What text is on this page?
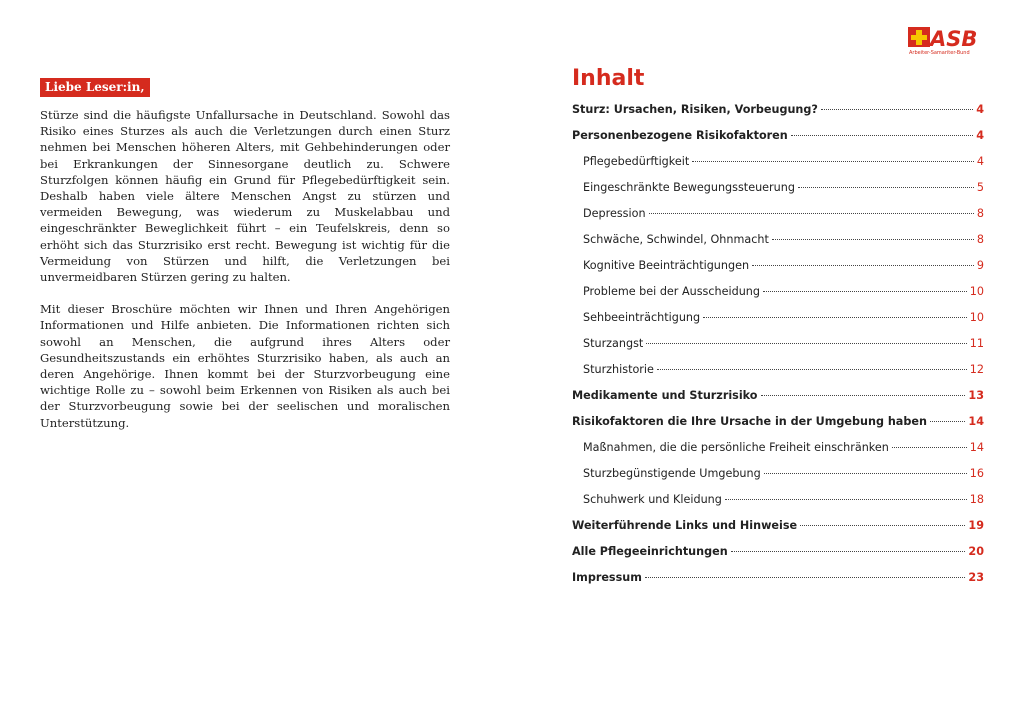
Liebe Leser:in,

Stürze sind die häufigste Unfallursache in Deutschland. Sowohl das Risiko eines Sturzes als auch die Verletzungen durch einen Sturz nehmen bei Menschen höheren Alters, mit Gehbehinderungen oder bei Erkrankungen der Sinnesorgane deutlich zu. Schwere Sturzfolgen können häufig ein Grund für Pflegebedürftigkeit sein. Deshalb haben viele ältere Menschen Angst zu stürzen und vermeiden Bewegung, was wiederum zu Muskelabbau und eingeschränkter Beweglichkeit führt – ein Teufelskreis, denn so erhöht sich das Sturzrisiko erst recht. Bewegung ist wichtig für die Vermeidung von Stürzen und hilft, die Verletzungen bei unvermeidbaren Stürzen gering zu halten.

Mit dieser Broschüre möchten wir Ihnen und Ihren Angehörigen Informationen und Hilfe anbieten. Die Informationen richten sich sowohl an Menschen, die aufgrund ihres Alters oder Gesundheitszustands ein erhöhtes Sturzrisiko haben, als auch an deren Angehörige. Ihnen kommt bei der Sturzvorbeugung eine wichtige Rolle zu – sowohl beim Erkennen von Risiken als auch bei der Sturzvorbeugung sowie bei der seelischen und moralischen Unterstützung.

ASB
Arbeiter-Samariter-Bund
Inhalt
Sturz: Ursachen, Risiken, Vorbeugung?	4
Personenbezogene Risikofaktoren	4
Pflegebedürftigkeit	4
Eingeschränkte Bewegungssteuerung	5
Depression	8
Schwäche, Schwindel, Ohnmacht	8
Kognitive Beeinträchtigungen	9
Probleme bei der Ausscheidung	10
Sehbeeinträchtigung	10
Sturzangst	11
Sturzhistorie	12
Medikamente und Sturzrisiko	13
Risikofaktoren die Ihre Ursache in der Umgebung haben	14
Maßnahmen, die die persönliche Freiheit einschränken	14
Sturzbegünstigende Umgebung	16
Schuhwerk und Kleidung	18
Weiterführende Links und Hinweise	19
Alle Pflegeeinrichtungen	20
Impressum	23
